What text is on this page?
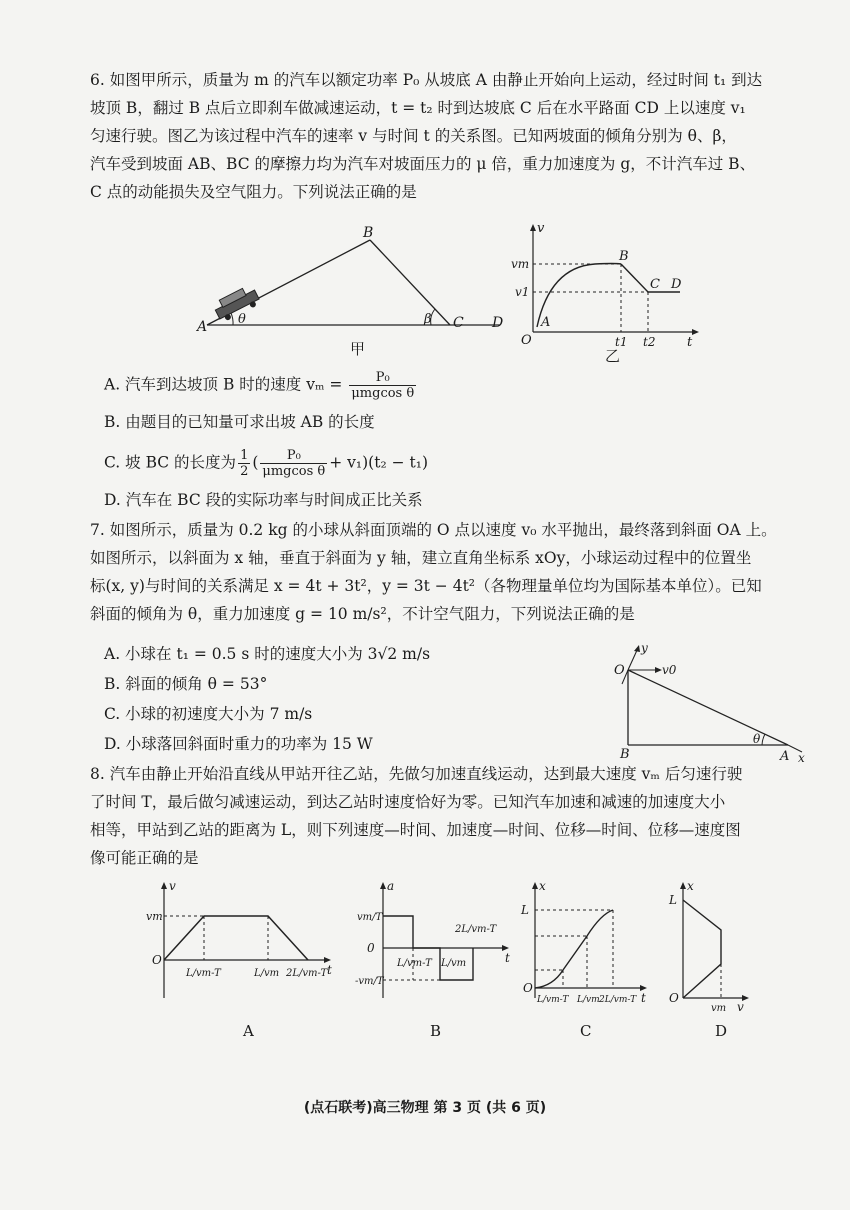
6. 如图甲所示，质量为 m 的汽车以额定功率 P₀ 从坡底 A 由静止开始向上运动，经过时间 t₁ 到达
坡顶 B，翻过 B 点后立即刹车做减速运动，t = t₂ 时到达坡底 C 后在水平路面 CD 上以速度 v₁
匀速行驶。图乙为该过程中汽车的速率 v 与时间 t 的关系图。已知两坡面的倾角分别为 θ、β，
汽车受到坡面 AB、BC 的摩擦力均为汽车对坡面压力的 μ 倍，重力加速度为 g，不计汽车过 B、
C 点的动能损失及空气阻力。下列说法正确的是
A
B
C D
θ	β
甲
v
vm
v1
O
A
B
C D
t1 t2 t
乙
A. 汽车到达坡顶 B 时的速度 $v_m = \frac{\text{P₀}}{\text{μmgcos θ}}$
B. 由题目的已知量可求出坡 AB 的长度
C. 坡 BC 的长度为 $\frac{1}{2}$ ( $\frac{\text{P₀}}{\text{μmgcos θ}} + v_1)(t_2 - t_1)$
D. 汽车在 BC 段的实际功率与时间成正比关系
7. 如图所示，质量为 0.2 kg 的小球从斜面顶端的 O 点以速度 v₀ 水平抛出，最终落到斜面 OA 上。
如图所示，以斜面为 x 轴，垂直于斜面为 y 轴，建立直角坐标系 xOy，小球运动过程中的位置坐
标(x, y)与时间的关系满足 x = 4t + 3t²，y = 3t − 4t²（各物理量单位均为国际基本单位）。已知
斜面的倾角为 θ，重力加速度 g = 10 m/s²，不计空气阻力，下列说法正确的是
A. 小球在 t₁ = 0.5 s 时的速度大小为 3√2 m/s
B. 斜面的倾角 θ = 53°
C. 小球的初速度大小为 7 m/s
D. 小球落回斜面时重力的功率为 15 W
O
y
v0
B	A
θ
x
8. 汽车由静止开始沿直线从甲站开往乙站，先做匀加速直线运动，达到最大速度 vₘ 后匀速行驶
了时间 T，最后做匀减速运动，到达乙站时速度恰好为零。已知汽车加速和减速的加速度大小
相等，甲站到乙站的距离为 L，则下列速度—时间、加速度—时间、位移—时间、位移—速度图
像可能正确的是
v
vm
O
L/vm-T	L/vm 2L/vm-T t
a
vm/T
0
-vm/T
L/vm-T L/vm
2L/vm-T
t
x
L
O
L/vm-T L/vm 2L/vm-T t
x
L
O
vm v
A	B	C	D
(点石联考)高三物理 第 3 页 (共 6 页)
